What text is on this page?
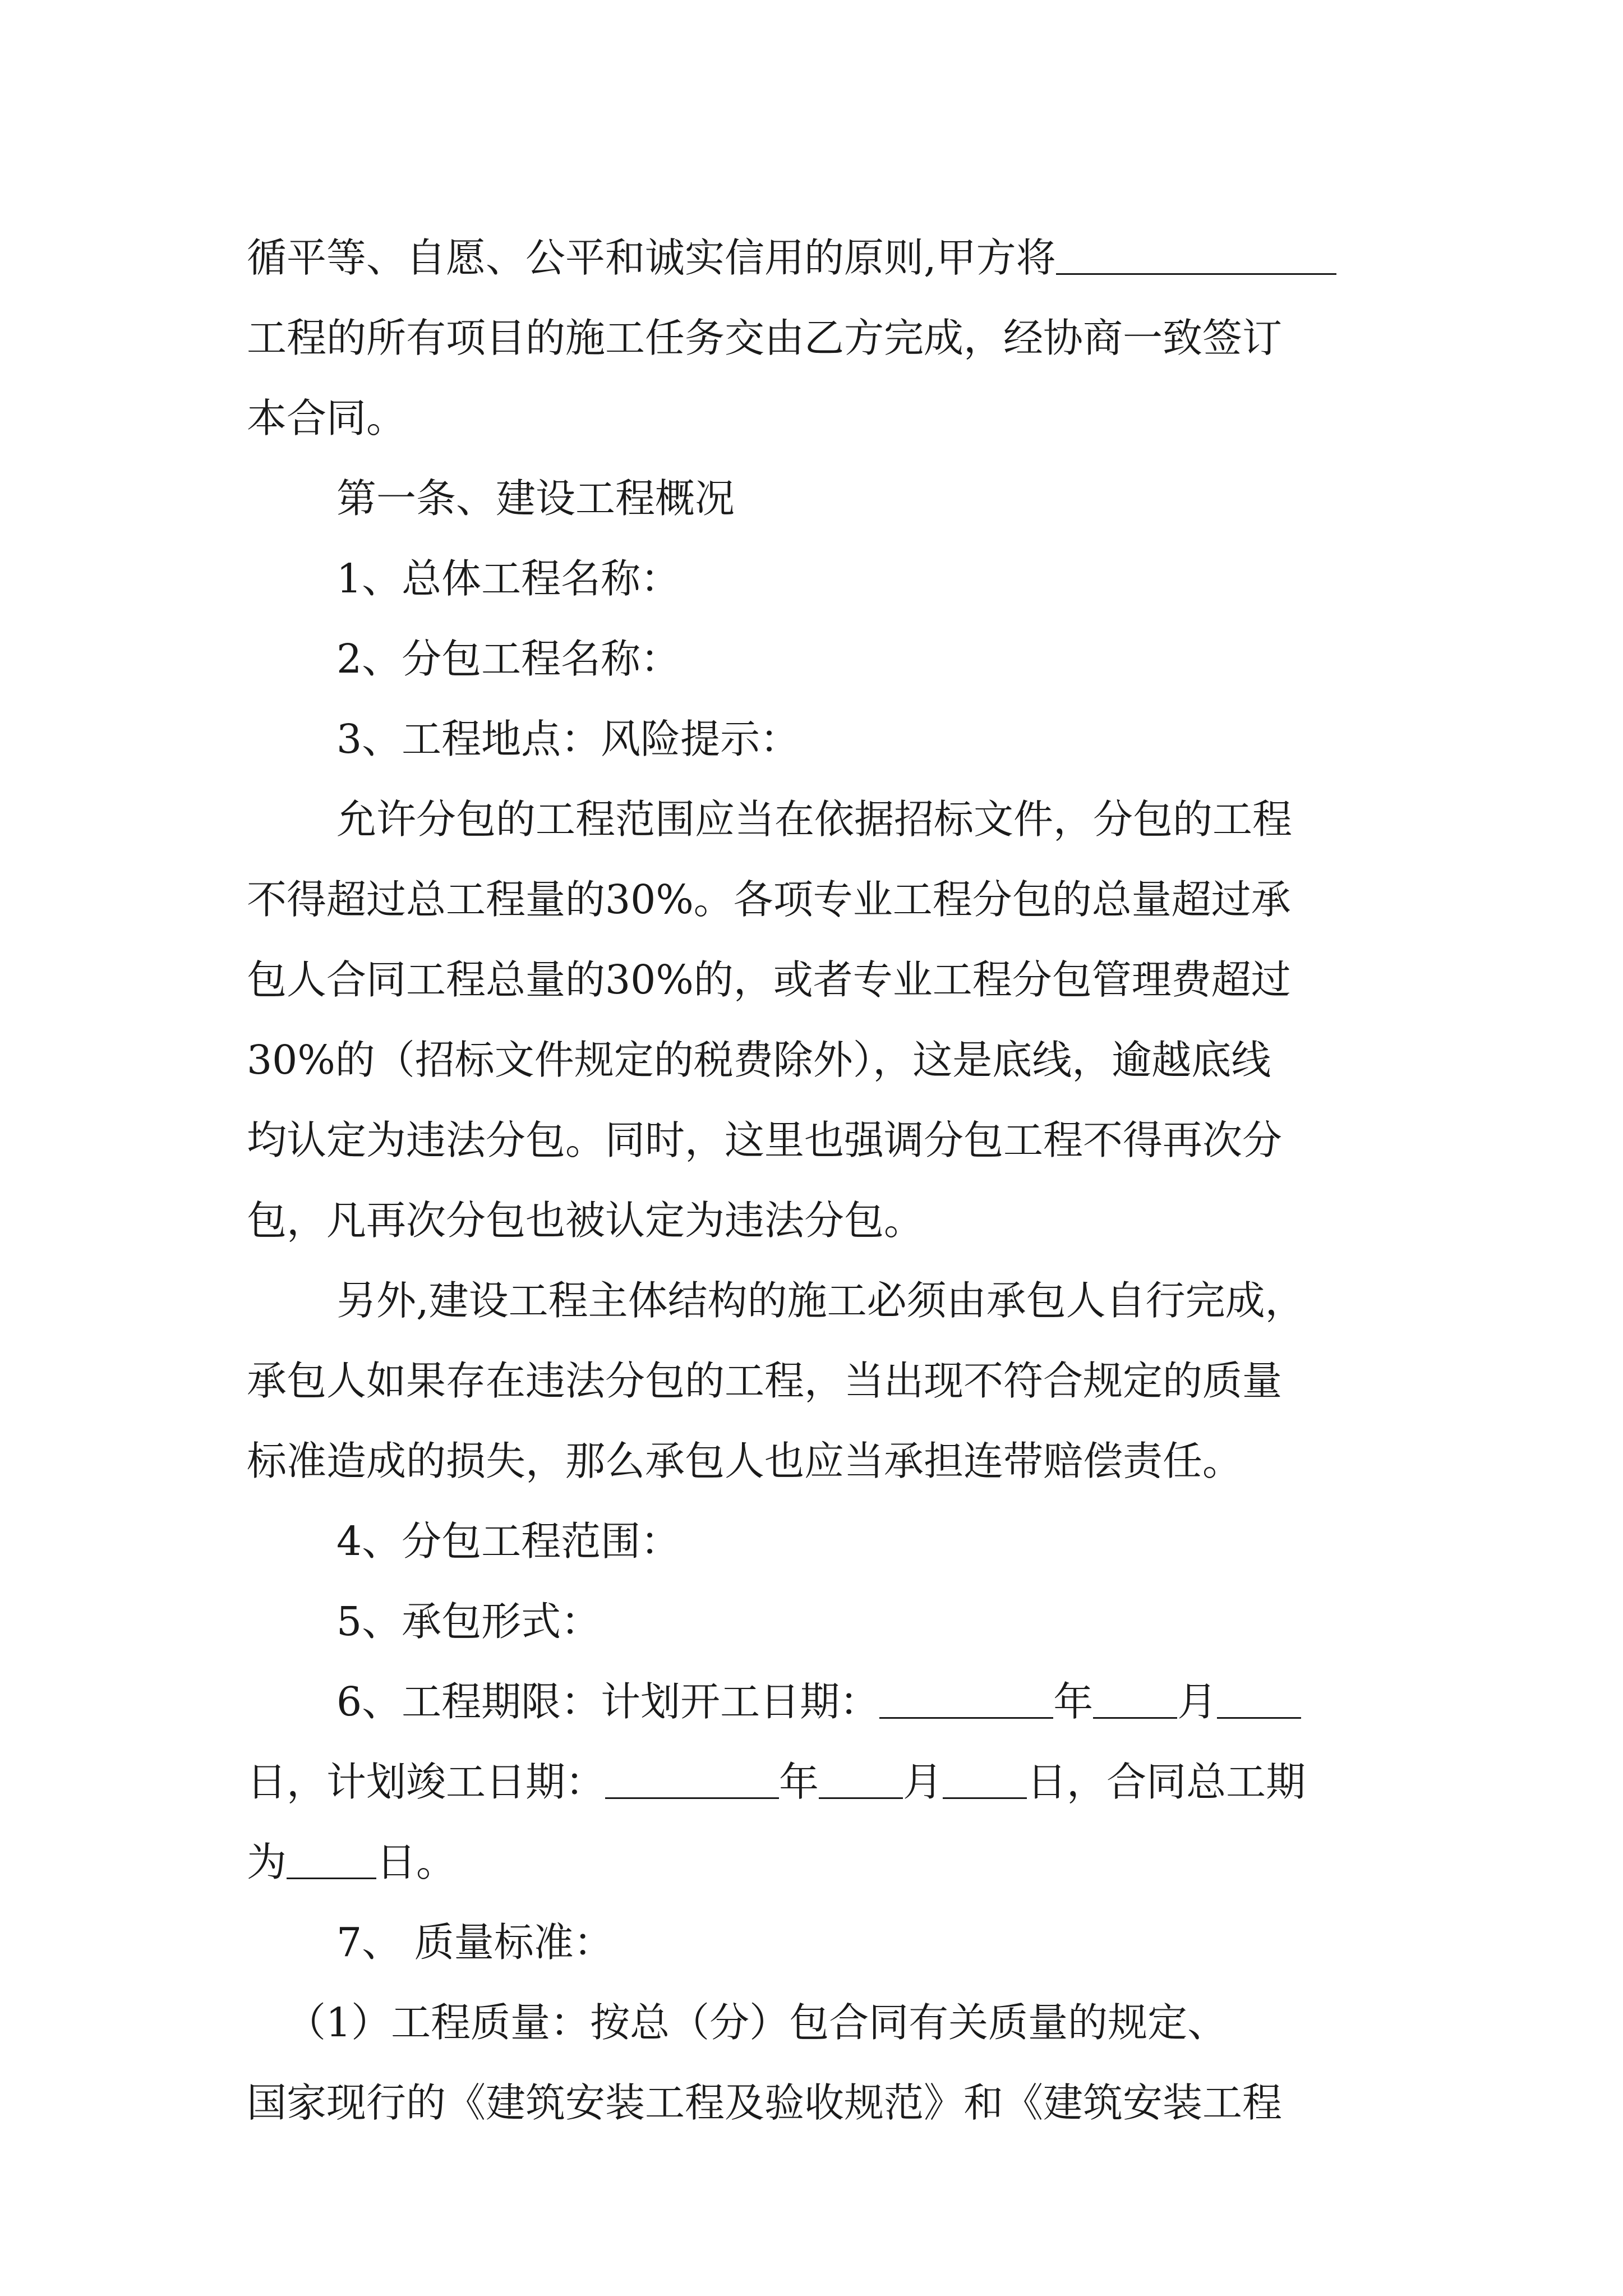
循平等、自愿、公平和诚实信用的原则,甲方将
工程的所有项目的施工任务交由乙方完成，经协商一致签订
本合同。
第一条、建设工程概况
1、总体工程名称：
2、分包工程名称：
3、工程地点：风险提示：
允许分包的工程范围应当在依据招标文件，分包的工程
不得超过总工程量的30%。各项专业工程分包的总量超过承
包人合同工程总量的30%的，或者专业工程分包管理费超过
30%的（招标文件规定的税费除外），这是底线，逾越底线
均认定为违法分包。同时，这里也强调分包工程不得再次分
包，凡再次分包也被认定为违法分包。
另外,建设工程主体结构的施工必须由承包人自行完成，
承包人如果存在违法分包的工程，当出现不符合规定的质量
标准造成的损失，那么承包人也应当承担连带赔偿责任。
4、分包工程范围：
5、承包形式：
6、工程期限：计划开工日期：	年 月
日，计划竣工日期：	年 月 日，合同总工期
为 日。
7、 质量标准：
（1）工程质量：按总（分）包合同有关质量的规定、
国家现行的《建筑安装工程及验收规范》和《建筑安装工程
